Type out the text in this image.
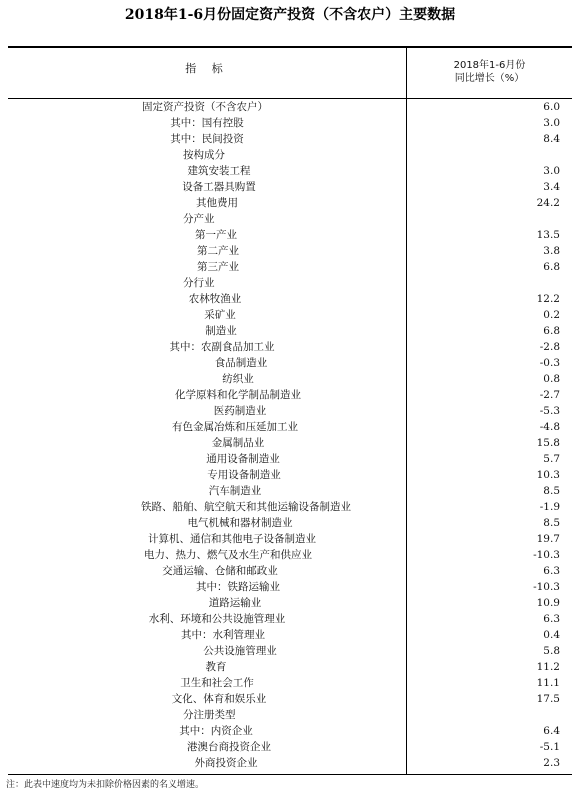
2018年1-6月份固定资产投资（不含农户）主要数据
指 标	2018年1-6月份
同比增长（%）
固定资产投资（不含农户）	6.0
其中：国有控股	3.0
其中：民间投资	8.4
按构成分
建筑安装工程	3.0
设备工器具购置	3.4
其他费用	24.2
分产业
第一产业	13.5
第二产业	3.8
第三产业	6.8
分行业
农林牧渔业	12.2
采矿业	0.2
制造业	6.8
其中：农副食品加工业	-2.8
食品制造业	-0.3
纺织业	0.8
化学原料和化学制品制造业	-2.7
医药制造业	-5.3
有色金属冶炼和压延加工业	-4.8
金属制品业	15.8
通用设备制造业	5.7
专用设备制造业	10.3
汽车制造业	8.5
铁路、船舶、航空航天和其他运输设备制造业	-1.9
电气机械和器材制造业	8.5
计算机、通信和其他电子设备制造业	19.7
电力、热力、燃气及水生产和供应业	-10.3
交通运输、仓储和邮政业	6.3
其中：铁路运输业	-10.3
道路运输业	10.9
水利、环境和公共设施管理业	6.3
其中：水利管理业	0.4
公共设施管理业	5.8
教育	11.2
卫生和社会工作	11.1
文化、体育和娱乐业	17.5
分注册类型
其中：内资企业	6.4
港澳台商投资企业	-5.1
外商投资企业	2.3
注：此表中速度均为未扣除价格因素的名义增速。
